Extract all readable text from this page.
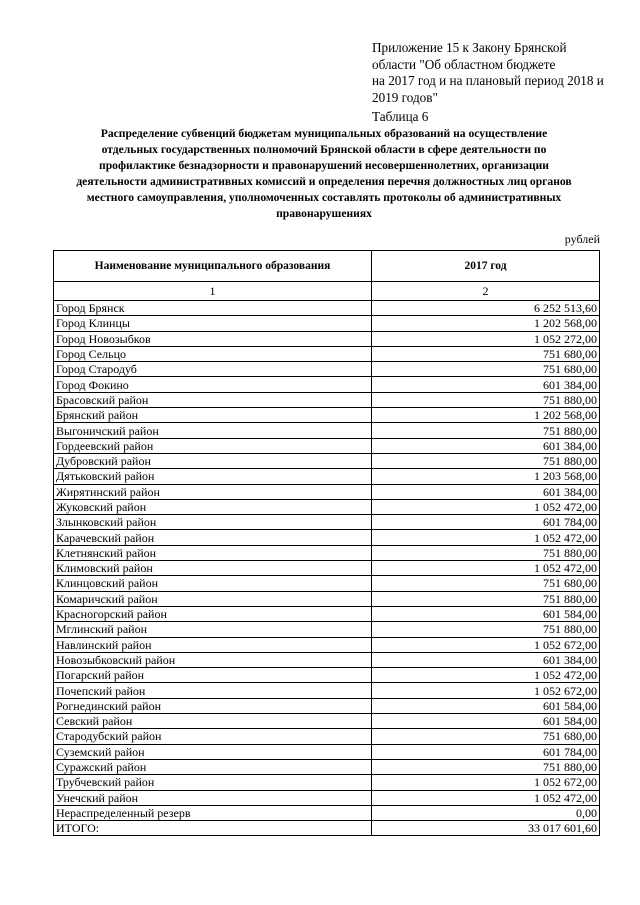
Приложение 15 к Закону Брянской
области "Об областном бюджете
на 2017 год и на плановый период 2018 и
2019 годов"
Таблица 6
Распределение субвенций бюджетам муниципальных образований на осуществление
отдельных государственных полномочий Брянской области в сфере деятельности по
профилактике безнадзорности и правонарушений несовершеннолетних, организации
деятельности административных комиссий и определения перечня должностных лиц органов
местного самоуправления, уполномоченных составлять протоколы об административных
правонарушениях
рублей
Наименование муниципального образования	2017 год
1	2
Город Брянск	6 252 513,60
Город Клинцы	1 202 568,00
Город Новозыбков	1 052 272,00
Город Сельцо	751 680,00
Город Стародуб	751 680,00
Город Фокино	601 384,00
Брасовский район	751 880,00
Брянский район	1 202 568,00
Выгоничский район	751 880,00
Гордеевский район	601 384,00
Дубровский район	751 880,00
Дятьковский район	1 203 568,00
Жирятинский район	601 384,00
Жуковский район	1 052 472,00
Злынковский район	601 784,00
Карачевский район	1 052 472,00
Клетнянский район	751 880,00
Климовский район	1 052 472,00
Клинцовский район	751 680,00
Комаричский район	751 880,00
Красногорский район	601 584,00
Мглинский район	751 880,00
Навлинский район	1 052 672,00
Новозыбковский район	601 384,00
Погарский район	1 052 472,00
Почепский район	1 052 672,00
Рогнединский район	601 584,00
Севский район	601 584,00
Стародубский район	751 680,00
Суземский район	601 784,00
Суражский район	751 880,00
Трубчевский район	1 052 672,00
Унечский район	1 052 472,00
Нераспределенный резерв	0,00
ИТОГО:	33 017 601,60
